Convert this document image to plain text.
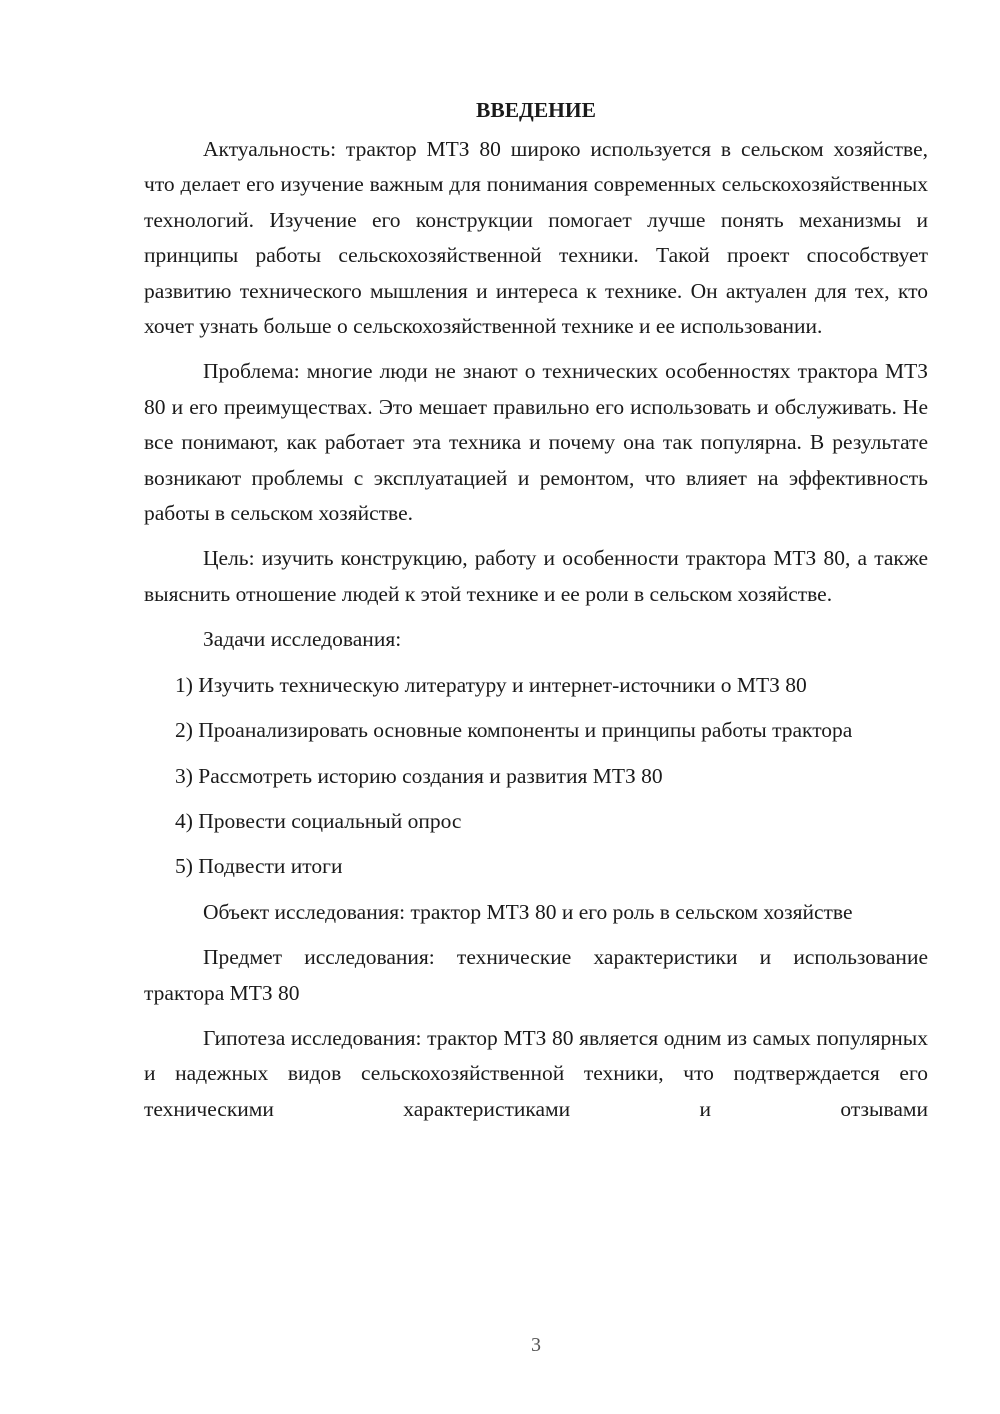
ВВЕДЕНИЕ

Актуальность: трактор МТЗ 80 широко используется в сельском хозяйстве, что делает его изучение важным для понимания современных сельскохозяйственных технологий. Изучение его конструкции помогает лучше понять механизмы и принципы работы сельскохозяйственной техники. Такой проект способствует развитию технического мышления и интереса к технике. Он актуален для тех, кто хочет узнать больше о сельскохозяйственной технике и ее использовании.

Проблема: многие люди не знают о технических особенностях трактора МТЗ 80 и его преимуществах. Это мешает правильно его использовать и обслуживать. Не все понимают, как работает эта техника и почему она так популярна. В результате возникают проблемы с эксплуатацией и ремонтом, что влияет на эффективность работы в сельском хозяйстве.

Цель: изучить конструкцию, работу и особенности трактора МТЗ 80, а также выяснить отношение людей к этой технике и ее роли в сельском хозяйстве.

Задачи исследования:

1) Изучить техническую литературу и интернет-источники о МТЗ 80

2) Проанализировать основные компоненты и принципы работы трактора

3) Рассмотреть историю создания и развития МТЗ 80

4) Провести социальный опрос

5) Подвести итоги

Объект исследования: трактор МТЗ 80 и его роль в сельском хозяйстве

Предмет исследования: технические характеристики и использование трактора МТЗ 80

Гипотеза исследования: трактор МТЗ 80 является одним из самых популярных и надежных видов сельскохозяйственной техники, что подтверждается его техническими характеристиками и отзывами

3
